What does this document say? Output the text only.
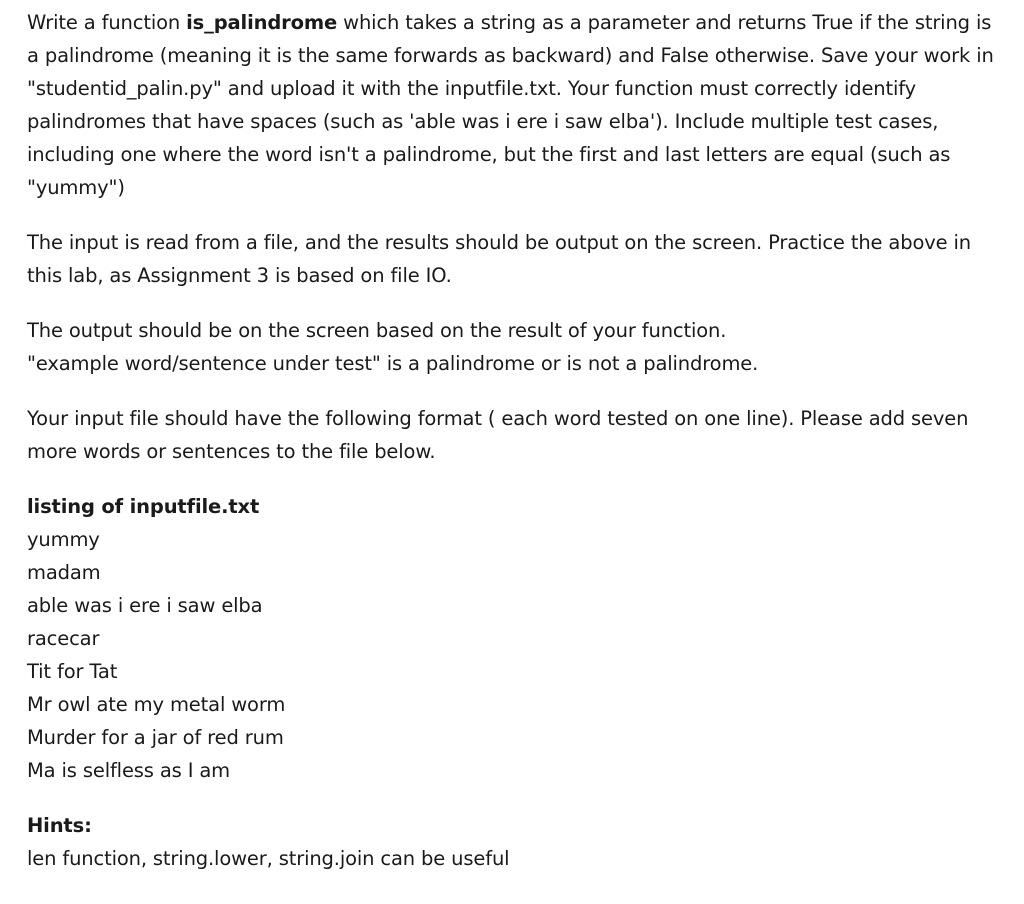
Write a function is_palindrome which takes a string as a parameter and returns True if the string is a palindrome (meaning it is the same forwards as backward) and False otherwise. Save your work in "studentid_palin.py" and upload it with the inputfile.txt. Your function must correctly identify palindromes that have spaces (such as 'able was i ere i saw elba'). Include multiple test cases, including one where the word isn't a palindrome, but the first and last letters are equal (such as "yummy")

The input is read from a file, and the results should be output on the screen. Practice the above in this lab, as Assignment 3 is based on file IO.

The output should be on the screen based on the result of your function.
"example word/sentence under test" is a palindrome or is not a palindrome.

Your input file should have the following format ( each word tested on one line). Please add seven more words or sentences to the file below.

listing of inputfile.txt
yummy
madam
able was i ere i saw elba
racecar
Tit for Tat
Mr owl ate my metal worm
Murder for a jar of red rum
Ma is selfless as I am
Hints:
len function, string.lower, string.join can be useful
